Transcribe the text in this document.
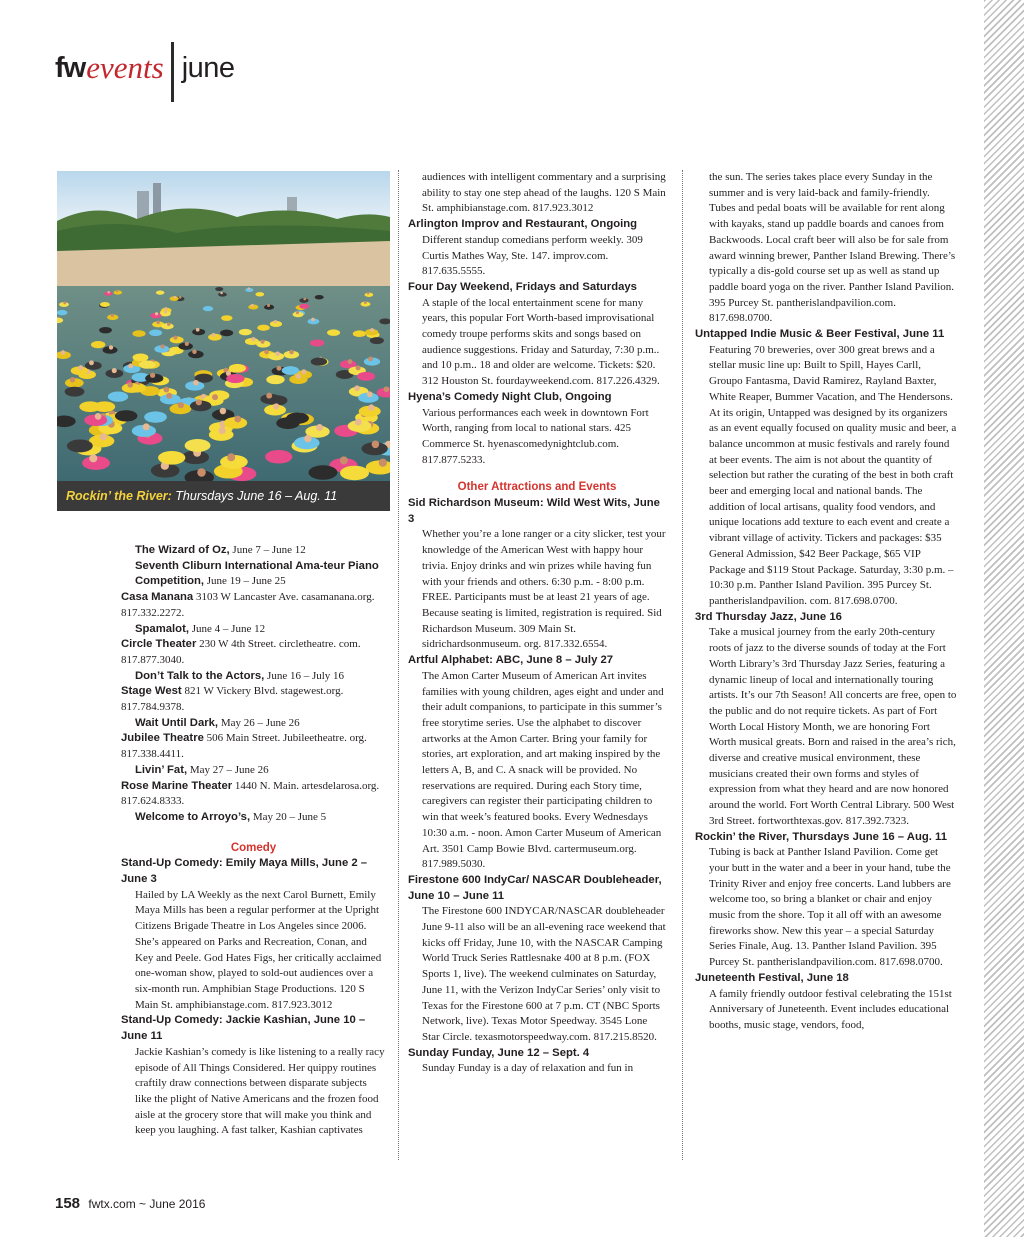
fw events june
Rockin’ the River: Thursdays June 16 – Aug. 11
The Wizard of Oz, June 7 – June 12
Seventh Cliburn International Ama-teur Piano Competition, June 19 – June 25
Casa Manana 3103 W Lancaster Ave. casamanana.org. 817.332.2272.
Spamalot, June 4 – June 12
Circle Theater 230 W 4th Street. circletheatre. com. 817.877.3040.
Don’t Talk to the Actors, June 16 – July 16
Stage West 821 W Vickery Blvd. stagewest.org. 817.784.9378.
Wait Until Dark, May 26 – June 26
Jubilee Theatre 506 Main Street. Jubileetheatre. org. 817.338.4411.
Livin’ Fat, May 27 – June 26
Rose Marine Theater 1440 N. Main. artesdelarosa.org. 817.624.8333.
Welcome to Arroyo’s, May 20 – June 5
Comedy
Stand-Up Comedy: Emily Maya Mills, June 2 – June 3
Hailed by LA Weekly as the next Carol Burnett, Emily Maya Mills has been a regular performer at the Upright Citizens Brigade Theatre in Los Angeles since 2006. She’s appeared on Parks and Recreation, Conan, and Key and Peele. God Hates Figs, her critically acclaimed one-woman show, played to sold-out audiences over a six-month run. Amphibian Stage Productions. 120 S Main St. amphibianstage.com. 817.923.3012
Stand-Up Comedy: Jackie Kashian, June 10 – June 11
Jackie Kashian’s comedy is like listening to a really racy episode of All Things Considered. Her quippy routines craftily draw connections between disparate subjects like the plight of Native Americans and the frozen food aisle at the grocery store that will make you think and keep you laughing. A fast talker, Kashian captivates
audiences with intelligent commentary and a surprising ability to stay one step ahead of the laughs. 120 S Main St. amphibianstage.com. 817.923.3012
Arlington Improv and Restaurant, Ongoing
Different standup comedians perform weekly. 309 Curtis Mathes Way, Ste. 147. improv.com. 817.635.5555.
Four Day Weekend, Fridays and Saturdays
A staple of the local entertainment scene for many years, this popular Fort Worth-based improvisational comedy troupe performs skits and songs based on audience suggestions. Friday and Saturday, 7:30 p.m.. and 10 p.m.. 18 and older are welcome. Tickets: $20. 312 Houston St. fourdayweekend.com. 817.226.4329.
Hyena’s Comedy Night Club, Ongoing
Various performances each week in downtown Fort Worth, ranging from local to national stars. 425 Commerce St. hyenascomedynightclub.com. 817.877.5233.
Other Attractions and Events
Sid Richardson Museum: Wild West Wits, June 3
Whether you’re a lone ranger or a city slicker, test your knowledge of the American West with happy hour trivia. Enjoy drinks and win prizes while having fun with your friends and others. 6:30 p.m. - 8:00 p.m. FREE. Participants must be at least 21 years of age. Because seating is limited, registration is required. Sid Richardson Museum. 309 Main St. sidrichardsonmuseum. org. 817.332.6554.
Artful Alphabet: ABC, June 8 – July 27
The Amon Carter Museum of American Art invites families with young children, ages eight and under and their adult companions, to participate in this summer’s free storytime series. Use the alphabet to discover artworks at the Amon Carter. Bring your family for stories, art exploration, and art making inspired by the letters A, B, and C. A snack will be provided. No reservations are required. During each Story time, caregivers can register their participating children to win that week’s featured books. Every Wednesdays 10:30 a.m. - noon. Amon Carter Museum of American Art. 3501 Camp Bowie Blvd. cartermuseum.org. 817.989.5030.
Firestone 600 IndyCar/ NASCAR Doubleheader, June 10 – June 11
The Firestone 600 INDYCAR/NASCAR doubleheader June 9-11 also will be an all-evening race weekend that kicks off Friday, June 10, with the NASCAR Camping World Truck Series Rattlesnake 400 at 8 p.m. (FOX Sports 1, live). The weekend culminates on Saturday, June 11, with the Verizon IndyCar Series’ only visit to Texas for the Firestone 600 at 7 p.m. CT (NBC Sports Network, live). Texas Motor Speedway. 3545 Lone Star Circle. texasmotorspeedway.com. 817.215.8520.
Sunday Funday, June 12 – Sept. 4
Sunday Funday is a day of relaxation and fun in
the sun. The series takes place every Sunday in the summer and is very laid-back and family-friendly. Tubes and pedal boats will be available for rent along with kayaks, stand up paddle boards and canoes from Backwoods. Local craft beer will also be for sale from award winning brewer, Panther Island Brewing. There’s typically a dis-gold course set up as well as stand up paddle board yoga on the river. Panther Island Pavilion. 395 Purcey St. pantherislandpavilion.com. 817.698.0700.
Untapped Indie Music & Beer Festival, June 11
Featuring 70 breweries, over 300 great brews and a stellar music line up: Built to Spill, Hayes Carll, Groupo Fantasma, David Ramirez, Rayland Baxter, White Reaper, Bummer Vacation, and The Hendersons. At its origin, Untapped was designed by its organizers as an event equally focused on quality music and beer, a balance uncommon at music festivals and rarely found at beer events. The aim is not about the quantity of selection but rather the curating of the best in both craft beer and emerging local and national bands. The addition of local artisans, quality food vendors, and unique locations add texture to each event and create a vibrant village of activity. Tickers and packages: $35 General Admission, $42 Beer Package, $65 VIP Package and $119 Stout Package. Saturday, 3:30 p.m. – 10:30 p.m. Panther Island Pavilion. 395 Purcey St. pantherislandpavilion. com. 817.698.0700.
3rd Thursday Jazz, June 16
Take a musical journey from the early 20th-century roots of jazz to the diverse sounds of today at the Fort Worth Library’s 3rd Thursday Jazz Series, featuring a dynamic lineup of local and internationally touring artists. It’s our 7th Season! All concerts are free, open to the public and do not require tickets. As part of Fort Worth Local History Month, we are honoring Fort Worth musical greats. Born and raised in the area’s rich, diverse and creative musical environment, these musicians created their own forms and styles of expression from what they heard and are now honored around the world. Fort Worth Central Library. 500 West 3rd Street. fortworthtexas.gov. 817.392.7323.
Rockin’ the River, Thursdays June 16 – Aug. 11
Tubing is back at Panther Island Pavilion. Come get your butt in the water and a beer in your hand, tube the Trinity River and enjoy free concerts. Land lubbers are welcome too, so bring a blanket or chair and enjoy music from the shore. Top it all off with an awesome fireworks show. New this year – a special Saturday Series Finale, Aug. 13. Panther Island Pavilion. 395 Purcey St. pantherislandpavilion.com. 817.698.0700.
Juneteenth Festival, June 18
A family friendly outdoor festival celebrating the 151st Anniversary of Juneteenth. Event includes educational booths, music stage, vendors, food,
158 fwtx.com ~ June 2016
